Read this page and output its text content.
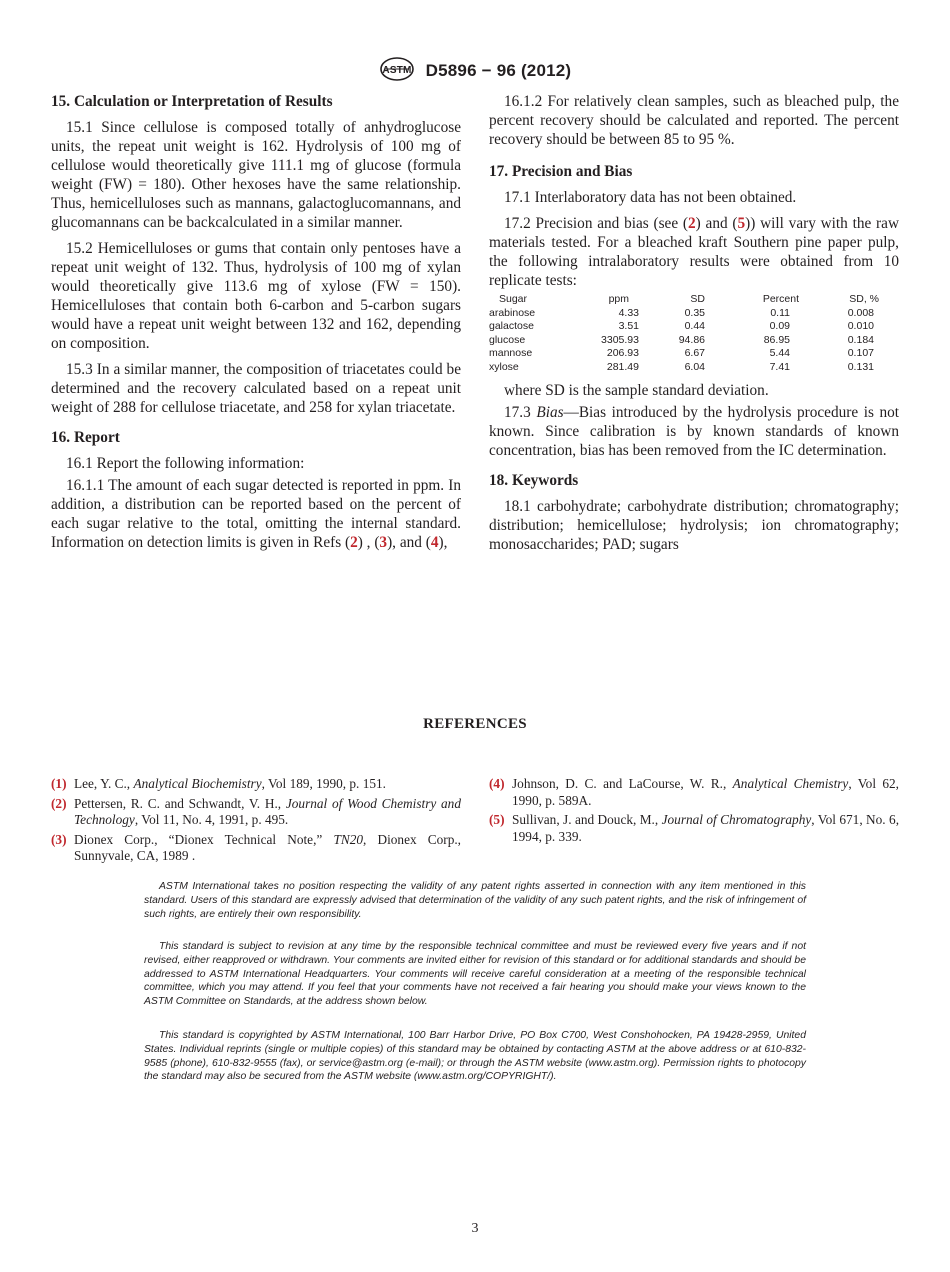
ASTM D5896 − 96 (2012)
15. Calculation or Interpretation of Results
15.1 Since cellulose is composed totally of anhydroglucose units, the repeat unit weight is 162. Hydrolysis of 100 mg of cellulose would theoretically give 111.1 mg of glucose (formula weight (FW) = 180). Other hexoses have the same relationship. Thus, hemicelluloses such as mannans, galactoglucomannans, and glucomannans can be backcalculated in a similar manner.
15.2 Hemicelluloses or gums that contain only pentoses have a repeat unit weight of 132. Thus, hydrolysis of 100 mg of xylan would theoretically give 113.6 mg of xylose (FW = 150). Hemicelluloses that contain both 6-carbon and 5-carbon sugars would have a repeat unit weight between 132 and 162, depending on composition.
15.3 In a similar manner, the composition of triacetates could be determined and the recovery calculated based on a repeat unit weight of 288 for cellulose triacetate, and 258 for xylan triacetate.
16. Report
16.1 Report the following information:
16.1.1 The amount of each sugar detected is reported in ppm. In addition, a distribution can be reported based on the percent of each sugar relative to the total, omitting the internal standard. Information on detection limits is given in Refs (2) , (3), and (4),
16.1.2 For relatively clean samples, such as bleached pulp, the percent recovery should be calculated and reported. The percent recovery should be between 85 to 95 %.
17. Precision and Bias
17.1 Interlaboratory data has not been obtained.
17.2 Precision and bias (see (2) and (5)) will vary with the raw materials tested. For a bleached kraft Southern pine paper pulp, the following intralaboratory results were obtained from 10 replicate tests:
Sugar	ppm	SD	Percent	SD, %
arabinose	4.33	0.35	0.11	0.008
galactose	3.51	0.44	0.09	0.010
glucose	3305.93	94.86	86.95	0.184
mannose	206.93	6.67	5.44	0.107
xylose	281.49	6.04	7.41	0.131
where SD is the sample standard deviation.
17.3 Bias—Bias introduced by the hydrolysis procedure is not known. Since calibration is by known standards of known concentration, bias has been removed from the IC determination.
18. Keywords
18.1 carbohydrate; carbohydrate distribution; chromatography; distribution; hemicellulose; hydrolysis; ion chromatography; monosaccharides; PAD; sugars
REFERENCES
(1) Lee, Y. C., Analytical Biochemistry, Vol 189, 1990, p. 151.
(2) Pettersen, R. C. and Schwandt, V. H., Journal of Wood Chemistry and Technology, Vol 11, No. 4, 1991, p. 495.
(3) Dionex Corp., “Dionex Technical Note,” TN20, Dionex Corp., Sunnyvale, CA, 1989 .
(4) Johnson, D. C. and LaCourse, W. R., Analytical Chemistry, Vol 62, 1990, p. 589A.
(5) Sullivan, J. and Douck, M., Journal of Chromatography, Vol 671, No. 6, 1994, p. 339.
ASTM International takes no position respecting the validity of any patent rights asserted in connection with any item mentioned in this standard. Users of this standard are expressly advised that determination of the validity of any such patent rights, and the risk of infringement of such rights, are entirely their own responsibility.
This standard is subject to revision at any time by the responsible technical committee and must be reviewed every five years and if not revised, either reapproved or withdrawn. Your comments are invited either for revision of this standard or for additional standards and should be addressed to ASTM International Headquarters. Your comments will receive careful consideration at a meeting of the responsible technical committee, which you may attend. If you feel that your comments have not received a fair hearing you should make your views known to the ASTM Committee on Standards, at the address shown below.
This standard is copyrighted by ASTM International, 100 Barr Harbor Drive, PO Box C700, West Conshohocken, PA 19428-2959, United States. Individual reprints (single or multiple copies) of this standard may be obtained by contacting ASTM at the above address or at 610-832-9585 (phone), 610-832-9555 (fax), or service@astm.org (e-mail); or through the ASTM website (www.astm.org). Permission rights to photocopy the standard may also be secured from the ASTM website (www.astm.org/COPYRIGHT/).
3
